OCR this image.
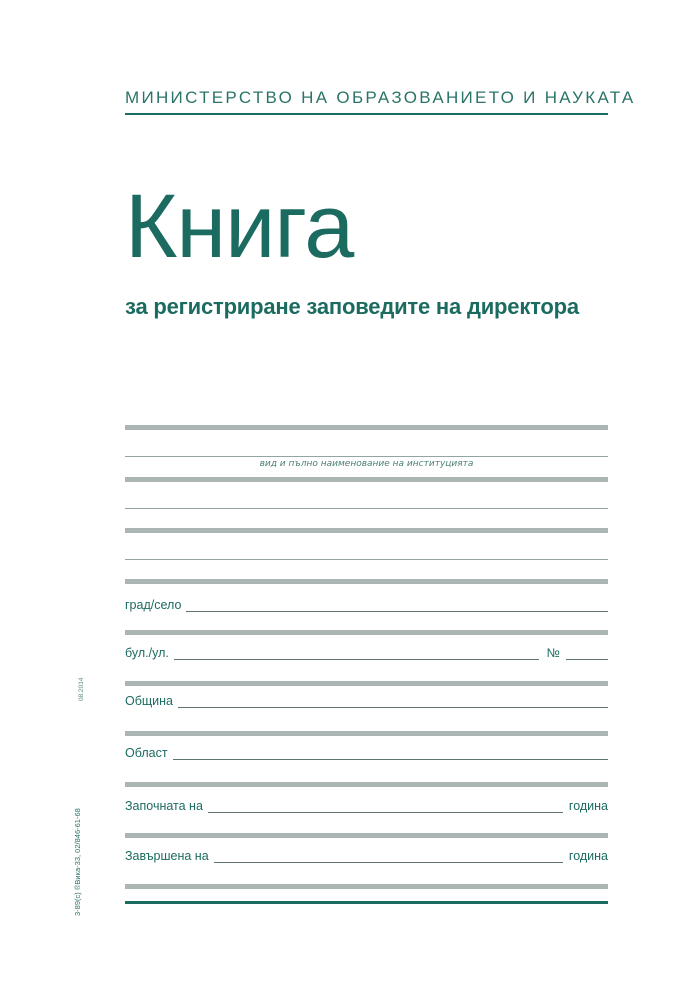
МИНИСТЕРСТВО НА ОБРАЗОВАНИЕТО И НАУКАТА
Книга
за регистриране заповедите на директора
вид и пълно наименование на институцията
град/село
бул./ул.	№
Община
Област
Започната на	година
Завършена на	година
3-89(с) ®Вика-33, 02/846-61-68
08.2014
